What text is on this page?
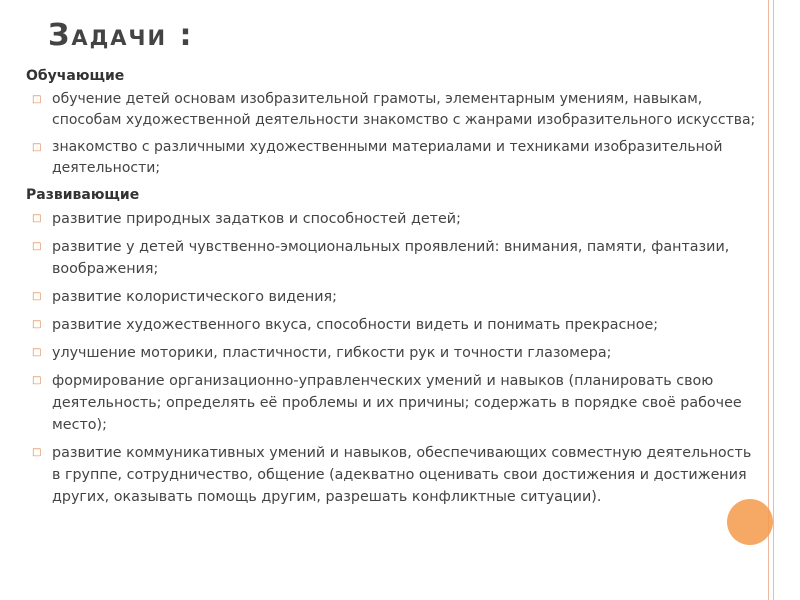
Задачи :
Обучающие
□ обучение детей основам изобразительной грамоты, элементарным умениям, навыкам, способам художественной деятельности знакомство с жанрами изобразительного искусства;
□ знакомство с различными художественными материалами и техниками изобразительной деятельности;
Развивающие
□ развитие природных задатков и способностей детей;
□ развитие у детей чувственно-эмоциональных проявлений: внимания, памяти, фантазии, воображения;
□ развитие колористического видения;
□ развитие художественного вкуса, способности видеть и понимать прекрасное;
□ улучшение моторики, пластичности, гибкости рук и точности глазомера;
□ формирование организационно-управленческих умений и навыков (планировать свою деятельность; определять её проблемы и их причины; содержать в порядке своё рабочее место);
□ развитие коммуникативных умений и навыков, обеспечивающих совместную деятельность в группе, сотрудничество, общение (адекватно оценивать свои достижения и достижения других, оказывать помощь другим, разрешать конфликтные ситуации).
